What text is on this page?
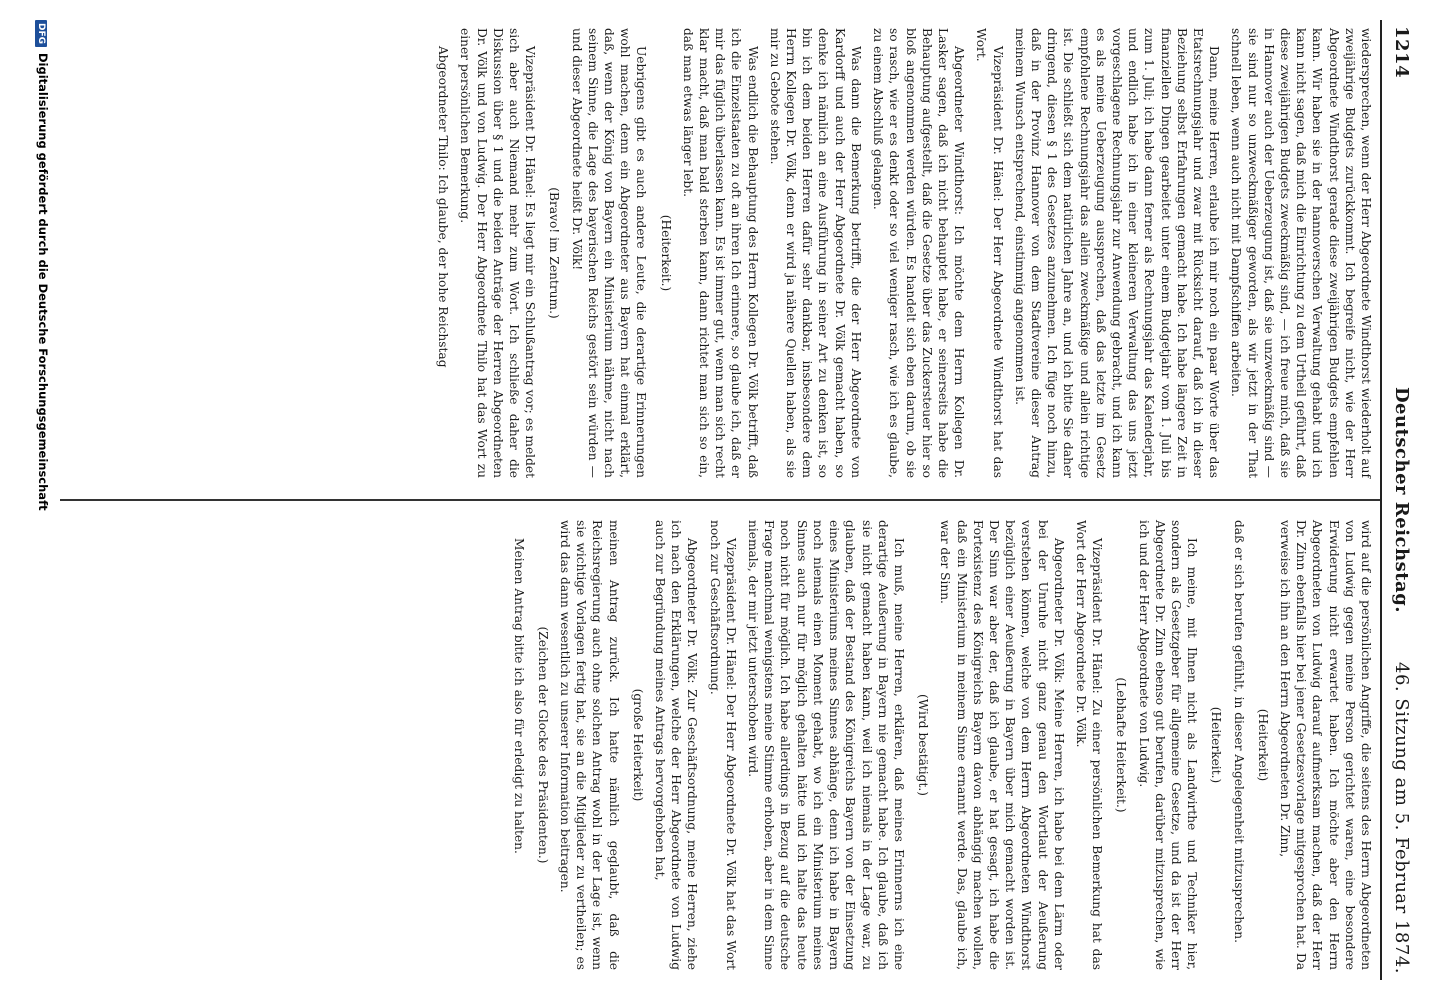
1214
Deutscher Reichstag.
46. Sitzung am 5. Februar 1874.

wiedersprechen, wenn der Herr Abgeordnete Windthorst wiederholt auf zweijährige Budgets zurückkommt. Ich begreife nicht, wie der Herr Abgeordnete Windthorst gerade diese zweijährigen Budgets empfehlen kann. Wir haben sie in der hannoverschen Verwaltung gehabt und ich kann nicht sagen, daß mich die Einrichtung zu dem Urtheil geführt, daß diese zweijährigen Budgets zweckmäßig sind, — ich freue mich, daß sie in Hannover auch der Ueberzeugung ist, daß sie unzweckmäßig sind — sie sind nur so unzweckmäßiger geworden, als wir jetzt in der That schnell leben, wenn auch nicht mit Dampfschiffen arbeiten.

Dann, meine Herren, erlaube ich mir noch ein paar Worte über das Etatsrechnungsjahr und zwar mit Rücksicht darauf, daß ich in dieser Beziehung selbst Erfahrungen gemacht habe. Ich habe längere Zeit in finanziellen Dingen gearbeitet unter einem Budgetjahr vom 1. Juli bis zum 1. Juli; ich habe dann ferner als Rechnungsjahr das Kalenderjahr, und endlich habe ich in einer kleineren Verwaltung das uns jetzt vorgeschlagene Rechnungsjahr zur Anwendung gebracht, und ich kann es als meine Ueberzeugung aussprechen, daß das letzte im Gesetz empfohlene Rechnungsjahr das allein zweckmäßige und allein richtige ist. Die schließt sich dem natürlichen Jahre an, und ich bitte Sie daher dringend, diesen § 1 des Gesetzes anzunehmen. Ich füge noch hinzu, daß in der Provinz Hannover von dem Stadtvereine dieser Antrag meinem Wunsch entsprechend, einstimmig angenommen ist.

Vizepräsident Dr. Hänel: Der Herr Abgeordnete Windthorst hat das Wort.

Abgeordneter Windthorst: Ich möchte dem Herrn Kollegen Dr. Lasker sagen, daß ich nicht behauptet habe, er seinerseits habe die Behauptung aufgestellt, daß die Gesetze über das Zuckersteuer hier so bloß angenommen werden würden. Es handelt sich eben darum, ob sie so rasch, wie er es denkt oder so viel weniger rasch, wie ich es glaube, zu einem Abschluß gelangen.

Was dann die Bemerkung betrifft, die der Herr Abgeordnete von Kardorff und auch der Herr Abgeordnete Dr. Völk gemacht haben, so denke ich nämlich an eine Ausführung in seiner Art zu denken ist, so bin ich dem beiden Herren dafür sehr dankbar, insbesondere dem Herrn Kollegen Dr. Völk, denn er wird ja nähere Quellen haben, als sie mir zu Gebote stehen.

Was endlich die Behauptung des Herrn Kollegen Dr. Völk betrifft, daß ich die Einzelstaaten zu oft an ihren Ich erinnere, so glaube ich, daß er mir das füglich überlassen kann. Es ist immer gut, wenn man sich recht klar macht, daß man bald sterben kann, dann richtet man sich so ein, daß man etwas länger lebt.

(Heiterkeit.)

Uebrigens gibt es auch andere Leute, die derartige Erinnerungen wohl machen, denn ein Abgeordneter aus Bayern hat einmal erklärt, daß, wenn der König von Bayern ein Ministerium nähme, nicht nach seinem Sinne, die Lage des bayerischen Reichs gestört sein würden — und dieser Abgeordnete heißt Dr. Völk!

(Bravo! im Zentrum.)

Vizepräsident Dr. Hänel: Es liegt mir ein Schlußantrag vor; es meldet sich aber auch Niemand mehr zum Wort. Ich schließe daher die Diskussion über § 1 und die beiden Anträge der Herren Abgeordneten Dr. Völk und von Ludwig. Der Herr Abgeordnete Thilo hat das Wort zu einer persönlichen Bemerkung.

Abgeordneter Thilo: Ich glaube, der hohe Reichstag

wird auf die persönlichen Angriffe, die seitens des Herrn Abgeordneten von Ludwig gegen meine Person gerichtet waren, eine besondere Erwiderung nicht erwartet haben. Ich möchte aber den Herrn Abgeordneten von Ludwig darauf aufmerksam machen, daß der Herr Dr. Zinn ebenfalls hier bei jener Gesetzesvorlage mitgesprochen hat. Da verweise ich ihn an den Herrn Abgeordneten Dr. Zinn,

(Heiterkeit)

daß er sich berufen gefühlt, in dieser Angelegenheit mitzusprechen.

(Heiterkeit.)

Ich meine, mit Ihnen nicht als Landwirthe und Techniker hier, sondern als Gesetzgeber für allgemeine Gesetze, und da ist der Herr Abgeordnete Dr. Zinn ebenso gut berufen, darüber mitzusprechen, wie ich und der Herr Abgeordnete von Ludwig.

(Lebhafte Heiterkeit.)

Vizepräsident Dr. Hänel: Zu einer persönlichen Bemerkung hat das Wort der Herr Abgeordnete Dr. Völk.

Abgeordneter Dr. Völk: Meine Herren, ich habe bei dem Lärm oder bei der Unruhe nicht ganz genau den Wortlaut der Aeußerung verstehen können, welche von dem Herrn Abgeordneten Windthorst bezüglich einer Aeußerung in Bayern über mich gemacht worden ist. Der Sinn war aber der, daß ich glaube, er hat gesagt, ich habe die Fortexistenz des Königreichs Bayern davon abhängig machen wollen, daß ein Ministerium in meinem Sinne ernannt werde. Das, glaube ich, war der Sinn.

(Wird bestätigt.)

Ich muß, meine Herren, erklären, daß meines Erinnerns ich eine derartige Aeußerung in Bayern nie gemacht habe. Ich glaube, daß ich sie nicht gemacht haben kann, weil ich niemals in der Lage war, zu glauben, daß der Bestand des Königreichs Bayern von der Einsetzung eines Ministeriums meines Sinnes abhänge, denn ich habe in Bayern noch niemals einen Moment gehabt, wo ich ein Ministerium meines Sinnes auch nur für möglich gehalten hätte und ich halte das heute noch nicht für möglich. Ich habe allerdings in Bezug auf die deutsche Frage manchmal wenigstens meine Stimme erhoben, aber in dem Sinne niemals, der mir jetzt unterschoben wird.

Vizepräsident Dr. Hänel: Der Herr Abgeordnete Dr. Völk hat das Wort noch zur Geschäftsordnung.

Abgeordneter Dr. Völk: Zur Geschäftsordnung, meine Herren, ziehe ich nach den Erklärungen, welche der Herr Abgeordnete von Ludwig auch zur Begründung meines Antrags hervorgehoben hat,

(große Heiterkeit)

meinen Antrag zurück. Ich hatte nämlich geglaubt, daß die Reichsregierung auch ohne solchen Antrag wohl in der Lage ist, wenn sie wichtige Vorlagen fertig hat, sie an die Mitglieder zu vertheilen; es wird das dann wesentlich zu unserer Information beitragen.

(Zeichen der Glocke des Präsidenten.)

Meinen Antrag bitte ich also für erledigt zu halten.

DFGDigitalisierung gefördert durch die Deutsche Forschungsgemeinschaft
